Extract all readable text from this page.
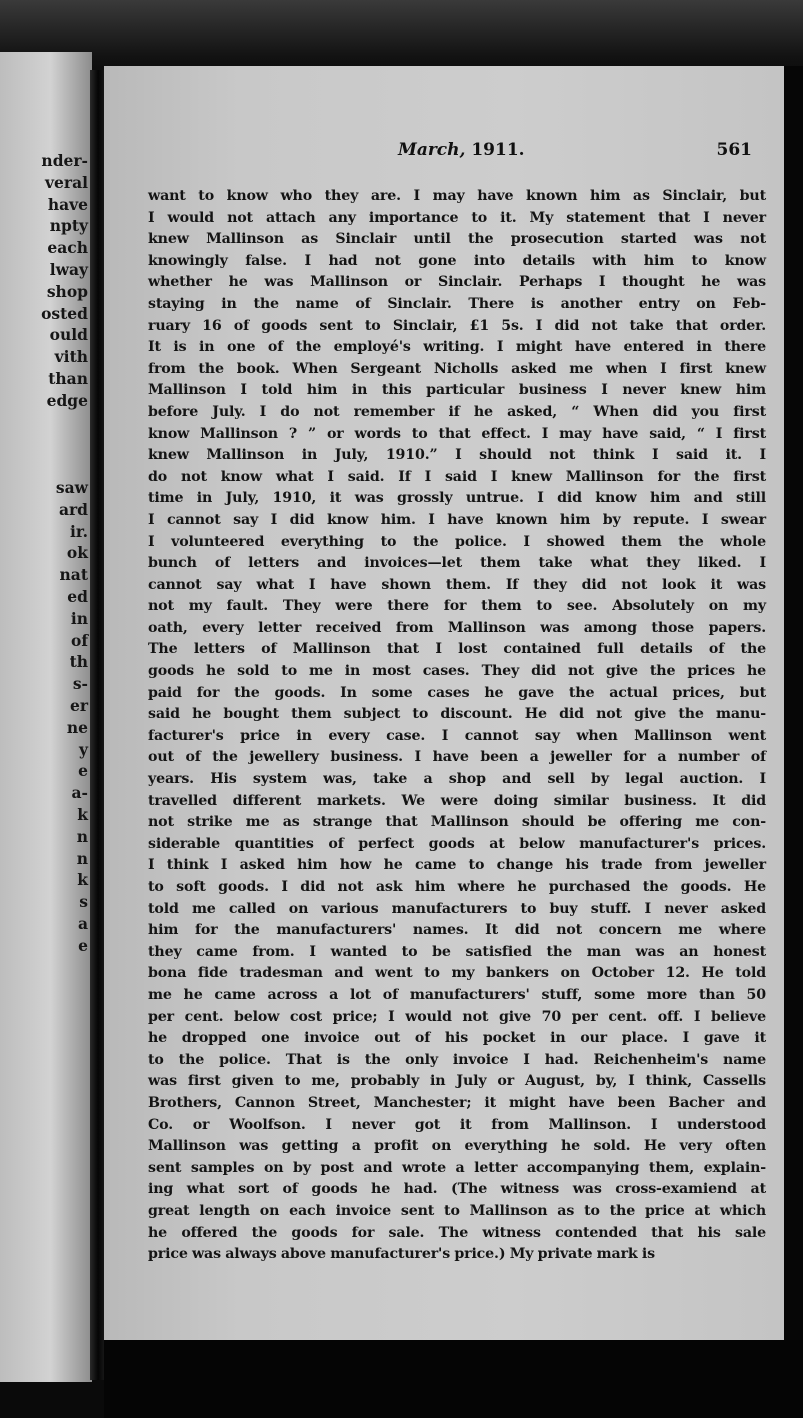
nder-
veral
have
npty
each
lway
shop
osted
ould
vith
than
edge
saw
ard
ir.
ok
nat
ed
in
of
th
s-
er
ne
y
e
a-
k
n
n
k
s
a
e
March, 1911.	561
want to know who they are. I may have known him as Sinclair, but
I would not attach any importance to it. My statement that I never
knew Mallinson as Sinclair until the prosecution started was not
knowingly false. I had not gone into details with him to know
whether he was Mallinson or Sinclair. Perhaps I thought he was
staying in the name of Sinclair. There is another entry on Feb-
ruary 16 of goods sent to Sinclair, £1 5s. I did not take that order.
It is in one of the employé's writing. I might have entered in there
from the book. When Sergeant Nicholls asked me when I first knew
Mallinson I told him in this particular business I never knew him
before July. I do not remember if he asked, “ When did you first
know Mallinson ? ” or words to that effect. I may have said, “ I first
knew Mallinson in July, 1910.” I should not think I said it. I
do not know what I said. If I said I knew Mallinson for the first
time in July, 1910, it was grossly untrue. I did know him and still
I cannot say I did know him. I have known him by repute. I swear
I volunteered everything to the police. I showed them the whole
bunch of letters and invoices—let them take what they liked. I
cannot say what I have shown them. If they did not look it was
not my fault. They were there for them to see. Absolutely on my
oath, every letter received from Mallinson was among those papers.
The letters of Mallinson that I lost contained full details of the
goods he sold to me in most cases. They did not give the prices he
paid for the goods. In some cases he gave the actual prices, but
said he bought them subject to discount. He did not give the manu-
facturer's price in every case. I cannot say when Mallinson went
out of the jewellery business. I have been a jeweller for a number of
years. His system was, take a shop and sell by legal auction. I
travelled different markets. We were doing similar business. It did
not strike me as strange that Mallinson should be offering me con-
siderable quantities of perfect goods at below manufacturer's prices.
I think I asked him how he came to change his trade from jeweller
to soft goods. I did not ask him where he purchased the goods. He
told me called on various manufacturers to buy stuff. I never asked
him for the manufacturers' names. It did not concern me where
they came from. I wanted to be satisfied the man was an honest
bona fide tradesman and went to my bankers on October 12. He told
me he came across a lot of manufacturers' stuff, some more than 50
per cent. below cost price; I would not give 70 per cent. off. I believe
he dropped one invoice out of his pocket in our place. I gave it
to the police. That is the only invoice I had. Reichenheim's name
was first given to me, probably in July or August, by, I think, Cassells
Brothers, Cannon Street, Manchester; it might have been Bacher and
Co. or Woolfson. I never got it from Mallinson. I understood
Mallinson was getting a profit on everything he sold. He very often
sent samples on by post and wrote a letter accompanying them, explain-
ing what sort of goods he had. (The witness was cross-examiend at
great length on each invoice sent to Mallinson as to the price at which
he offered the goods for sale. The witness contended that his sale
price was always above manufacturer's price.) My private mark is
